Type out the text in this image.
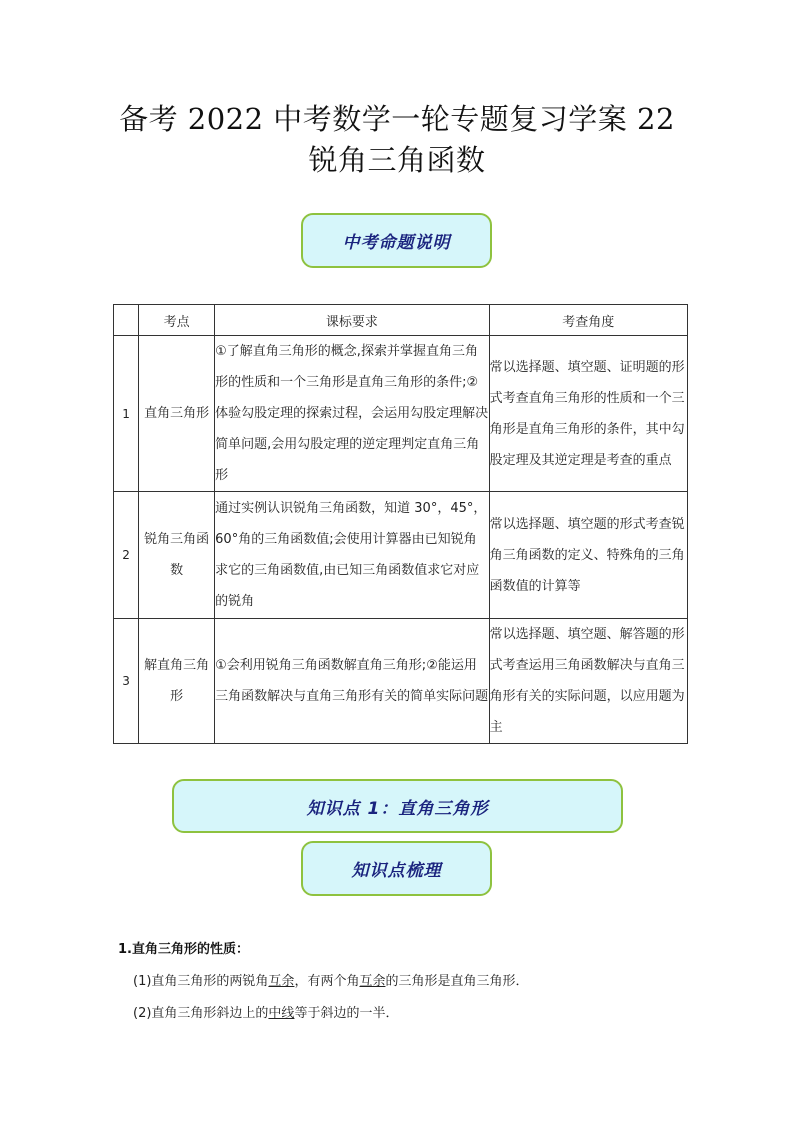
备考 2022 中考数学一轮专题复习学案 22
锐角三角函数
中考命题说明
	考点	课标要求	考查角度
1	直角三角形	①了解直角三角形的概念,探索并掌握直角三角形的性质和一个三角形是直角三角形的条件;②体验勾股定理的探索过程，会运用勾股定理解决简单问题,会用勾股定理的逆定理判定直角三角形	常以选择题、填空题、证明题的形式考查直角三角形的性质和一个三角形是直角三角形的条件，其中勾股定理及其逆定理是考查的重点
2	锐角三角函数	通过实例认识锐角三角函数，知道 30°，45°，60°角的三角函数值;会使用计算器由已知锐角求它的三角函数值,由已知三角函数值求它对应的锐角	常以选择题、填空题的形式考查锐角三角函数的定义、特殊角的三角函数值的计算等
3	解直角三角形	①会利用锐角三角函数解直角三角形;②能运用三角函数解决与直角三角形有关的简单实际问题	常以选择题、填空题、解答题的形式考查运用三角函数解决与直角三角形有关的实际问题，以应用题为主
知识点 1：直角三角形
知识点梳理
1.直角三角形的性质：
(1)直角三角形的两锐角互余，有两个角互余的三角形是直角三角形．
(2)直角三角形斜边上的中线等于斜边的一半．
